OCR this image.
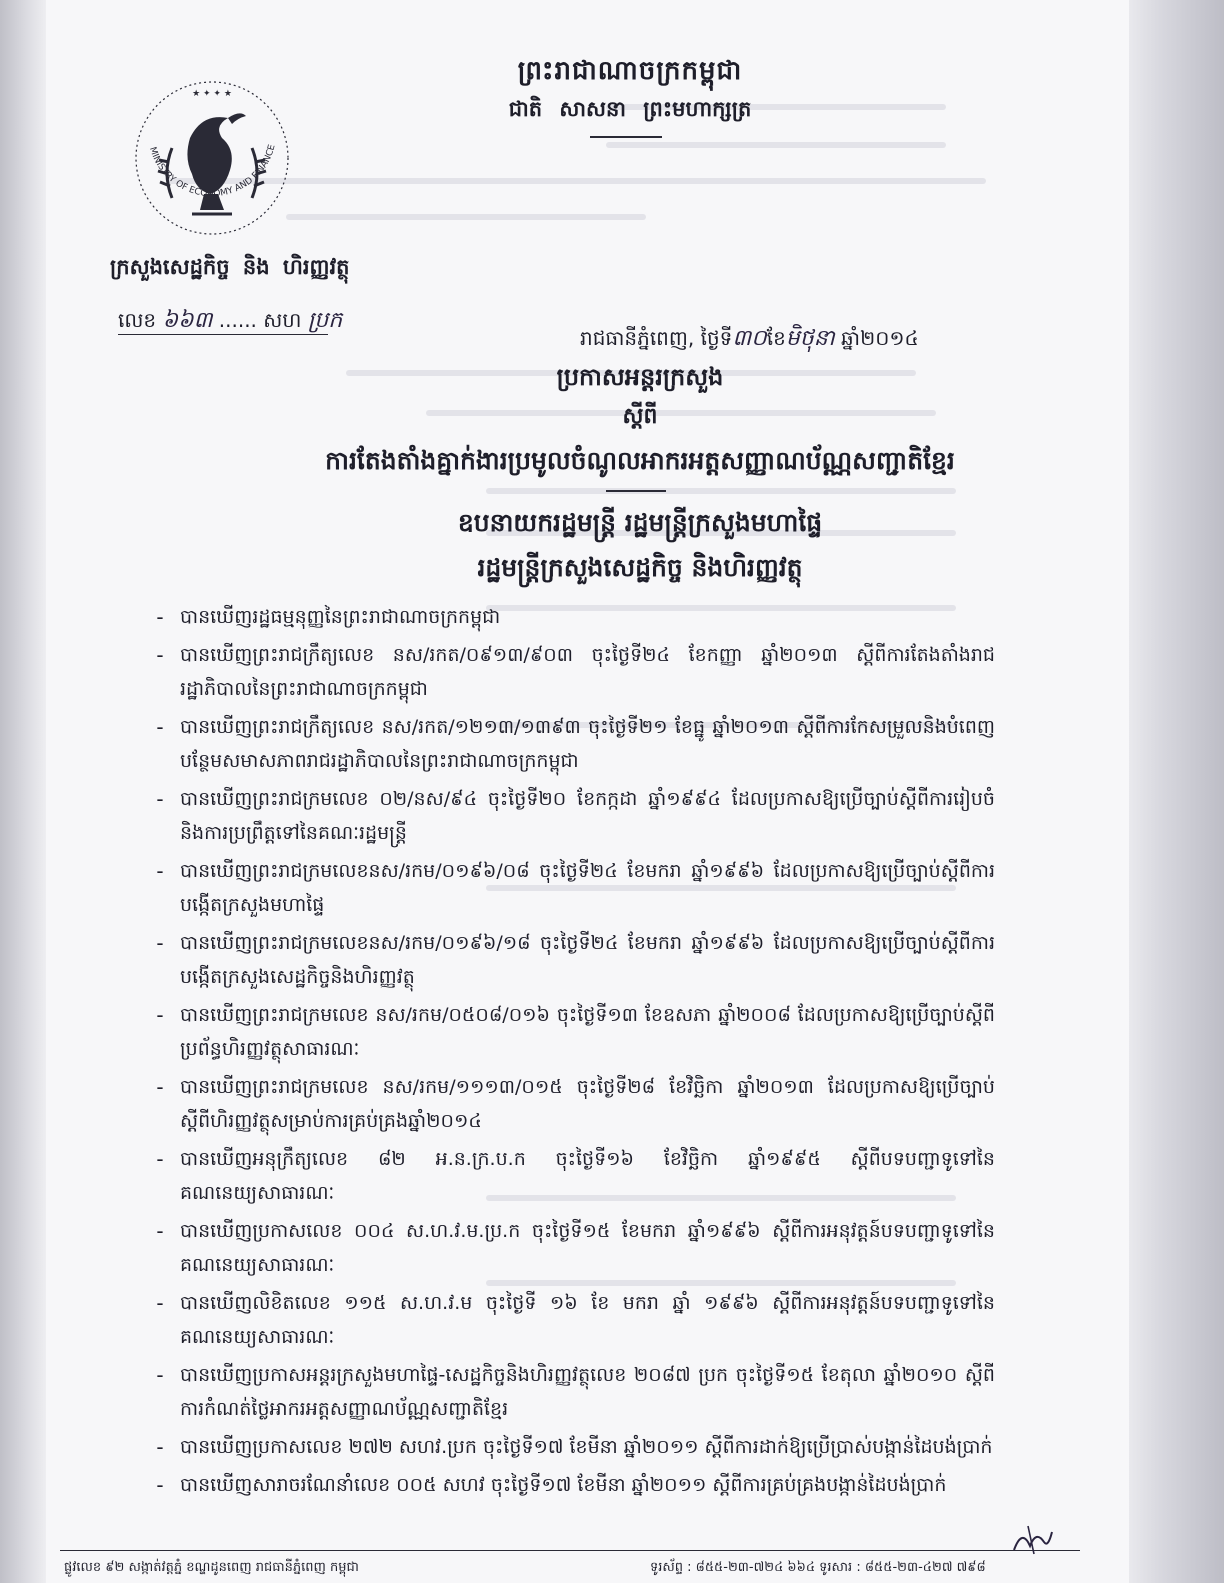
★ ✦ ✦ ★
MINISTRY OF ECONOMY AND FINANCE
ព្រះរាជាណាចក្រកម្ពុជា
ជាតិ សាសនា ព្រះមហាក្សត្រ
ក្រសួងសេដ្ឋកិច្ច និង ហិរញ្ញវត្ថុ
លេខ ៦៦៣ ...... សហ ប្រក
រាជធានីភ្នំពេញ, ថ្ងៃទី៣០ខែមិថុនា ឆ្នាំ២០១៤
ប្រកាសអន្តរក្រសួង
ស្តីពី
ការតែងតាំងគ្នាក់ងារប្រមូលចំណូលអាករអត្តសញ្ញាណប័ណ្ណសញ្ជាតិខ្មែរ
ឧបនាយករដ្ឋមន្ត្រី រដ្ឋមន្ត្រីក្រសួងមហាផ្ទៃ
រដ្ឋមន្ត្រីក្រសួងសេដ្ឋកិច្ច និងហិរញ្ញវត្ថុ
- បានឃើញរដ្ឋធម្មនុញ្ញនៃព្រះរាជាណាចក្រកម្ពុជា
- បានឃើញព្រះរាជក្រឹត្យលេខ នស/រកត/០៩១៣/៩០៣ ចុះថ្ងៃទី២៤ ខែកញ្ញា ឆ្នាំ២០១៣ ស្តីពីការតែងតាំងរាជរដ្ឋាភិបាលនៃព្រះរាជាណាចក្រកម្ពុជា
- បានឃើញព្រះរាជក្រឹត្យលេខ នស/រកត/១២១៣/១៣៩៣ ចុះថ្ងៃទី២១ ខែធ្នូ ឆ្នាំ២០១៣ ស្តីពីការកែសម្រួលនិងបំពេញបន្ថែមសមាសភាពរាជរដ្ឋាភិបាលនៃព្រះរាជាណាចក្រកម្ពុជា
- បានឃើញព្រះរាជក្រមលេខ ០២/នស/៩៤ ចុះថ្ងៃទី២០ ខែកក្កដា ឆ្នាំ១៩៩៤ ដែលប្រកាសឱ្យប្រើច្បាប់ស្តីពីការរៀបចំនិងការប្រព្រឹត្តទៅនៃគណៈរដ្ឋមន្ត្រី
- បានឃើញព្រះរាជក្រមលេខនស/រកម/០១៩៦/០៨ ចុះថ្ងៃទី២៤ ខែមករា ឆ្នាំ១៩៩៦ ដែលប្រកាសឱ្យប្រើច្បាប់ស្តីពីការបង្កើតក្រសួងមហាផ្ទៃ
- បានឃើញព្រះរាជក្រមលេខនស/រកម/០១៩៦/១៨ ចុះថ្ងៃទី២៤ ខែមករា ឆ្នាំ១៩៩៦ ដែលប្រកាសឱ្យប្រើច្បាប់ស្តីពីការបង្កើតក្រសួងសេដ្ឋកិច្ចនិងហិរញ្ញវត្ថុ
- បានឃើញព្រះរាជក្រមលេខ នស/រកម/០៥០៨/០១៦ ចុះថ្ងៃទី១៣ ខែឧសភា ឆ្នាំ២០០៨ ដែលប្រកាសឱ្យប្រើច្បាប់ស្តីពីប្រព័ន្ធហិរញ្ញវត្ថុសាធារណៈ
- បានឃើញព្រះរាជក្រមលេខ នស/រកម/១១១៣/០១៥ ចុះថ្ងៃទី២៨ ខែវិច្ឆិកា ឆ្នាំ២០១៣ ដែលប្រកាសឱ្យប្រើច្បាប់ស្តីពីហិរញ្ញវត្ថុសម្រាប់ការគ្រប់គ្រងឆ្នាំ២០១៤
- បានឃើញអនុក្រឹត្យលេខ ៨២ អ.ន.ក្រ.ប.ក ចុះថ្ងៃទី១៦ ខែវិច្ឆិកា ឆ្នាំ១៩៩៥ ស្តីពីបទបញ្ជាទូទៅនៃគណនេយ្យសាធារណៈ
- បានឃើញប្រកាសលេខ ០០៤ ស.ហ.វ.ម.ប្រ.ក ចុះថ្ងៃទី១៥ ខែមករា ឆ្នាំ១៩៩៦ ស្តីពីការអនុវត្តន៍បទបញ្ជាទូទៅនៃគណនេយ្យសាធារណៈ
- បានឃើញលិខិតលេខ ១១៥ ស.ហ.វ.ម ចុះថ្ងៃទី ១៦ ខែ មករា ឆ្នាំ ១៩៩៦ ស្តីពីការអនុវត្តន៍បទបញ្ជាទូទៅនៃគណនេយ្យសាធារណៈ
- បានឃើញប្រកាសអន្តរក្រសួងមហាផ្ទៃ-សេដ្ឋកិច្ចនិងហិរញ្ញវត្ថុលេខ ២០៨៧ ប្រក ចុះថ្ងៃទី១៥ ខែតុលា ឆ្នាំ២០១០ ស្តីពីការកំណត់ថ្លៃអាករអត្តសញ្ញាណប័ណ្ណសញ្ជាតិខ្មែរ
- បានឃើញប្រកាសលេខ ២៧២ សហវ.ប្រក ចុះថ្ងៃទី១៧ ខែមីនា ឆ្នាំ២០១១ ស្តីពីការដាក់ឱ្យប្រើប្រាស់បង្កាន់ដៃបង់ប្រាក់
- បានឃើញសារាចរណែនាំលេខ ០០៥ សហវ ចុះថ្ងៃទី១៧ ខែមីនា ឆ្នាំ២០១១ ស្តីពីការគ្រប់គ្រងបង្កាន់ដៃបង់ប្រាក់
ផ្លូវលេខ ៩២ សង្កាត់វត្តភ្នំ ខណ្ឌដូនពេញ រាជធានីភ្នំពេញ កម្ពុជា	ទូរស័ព្ទ : ៨៥៥-២៣-៧២៤ ៦៦៤ ទូរសារ : ៨៥៥-២៣-៤២៧ ៧៩៨
